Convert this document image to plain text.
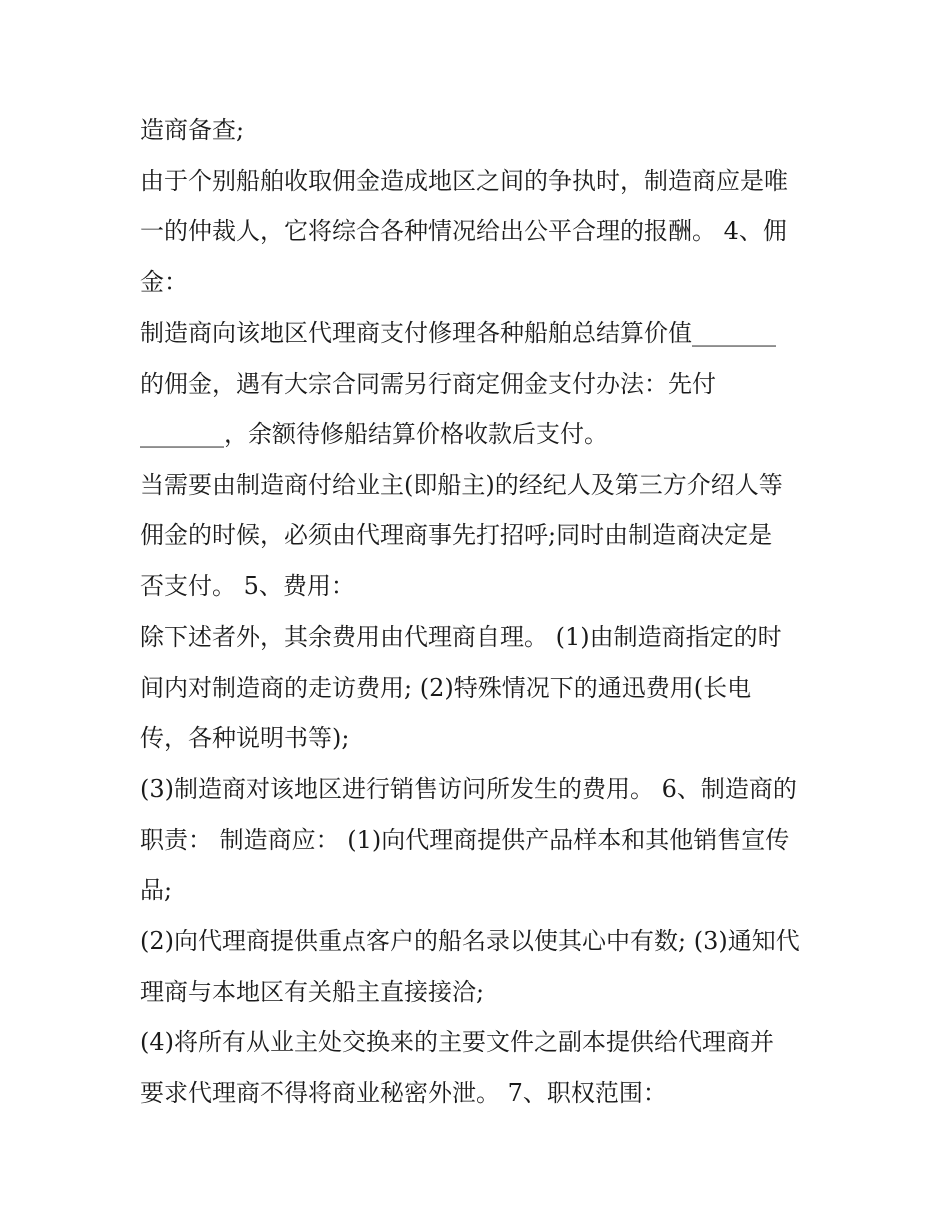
造商备查;
由于个别船舶收取佣金造成地区之间的争执时，制造商应是唯
一的仲裁人，它将综合各种情况给出公平合理的报酬。 4、佣
金：
制造商向该地区代理商支付修理各种船舶总结算价值_______
的佣金，遇有大宗合同需另行商定佣金支付办法：先付
_______，余额待修船结算价格收款后支付。
当需要由制造商付给业主(即船主)的经纪人及第三方介绍人等
佣金的时候，必须由代理商事先打招呼;同时由制造商决定是
否支付。 5、费用：
除下述者外，其余费用由代理商自理。 (1)由制造商指定的时
间内对制造商的走访费用; (2)特殊情况下的通迅费用(长电
传，各种说明书等);
(3)制造商对该地区进行销售访问所发生的费用。 6、制造商的
职责： 制造商应： (1)向代理商提供产品样本和其他销售宣传
品;
(2)向代理商提供重点客户的船名录以使其心中有数; (3)通知代
理商与本地区有关船主直接接洽;
(4)将所有从业主处交换来的主要文件之副本提供给代理商并
要求代理商不得将商业秘密外泄。 7、职权范围：
